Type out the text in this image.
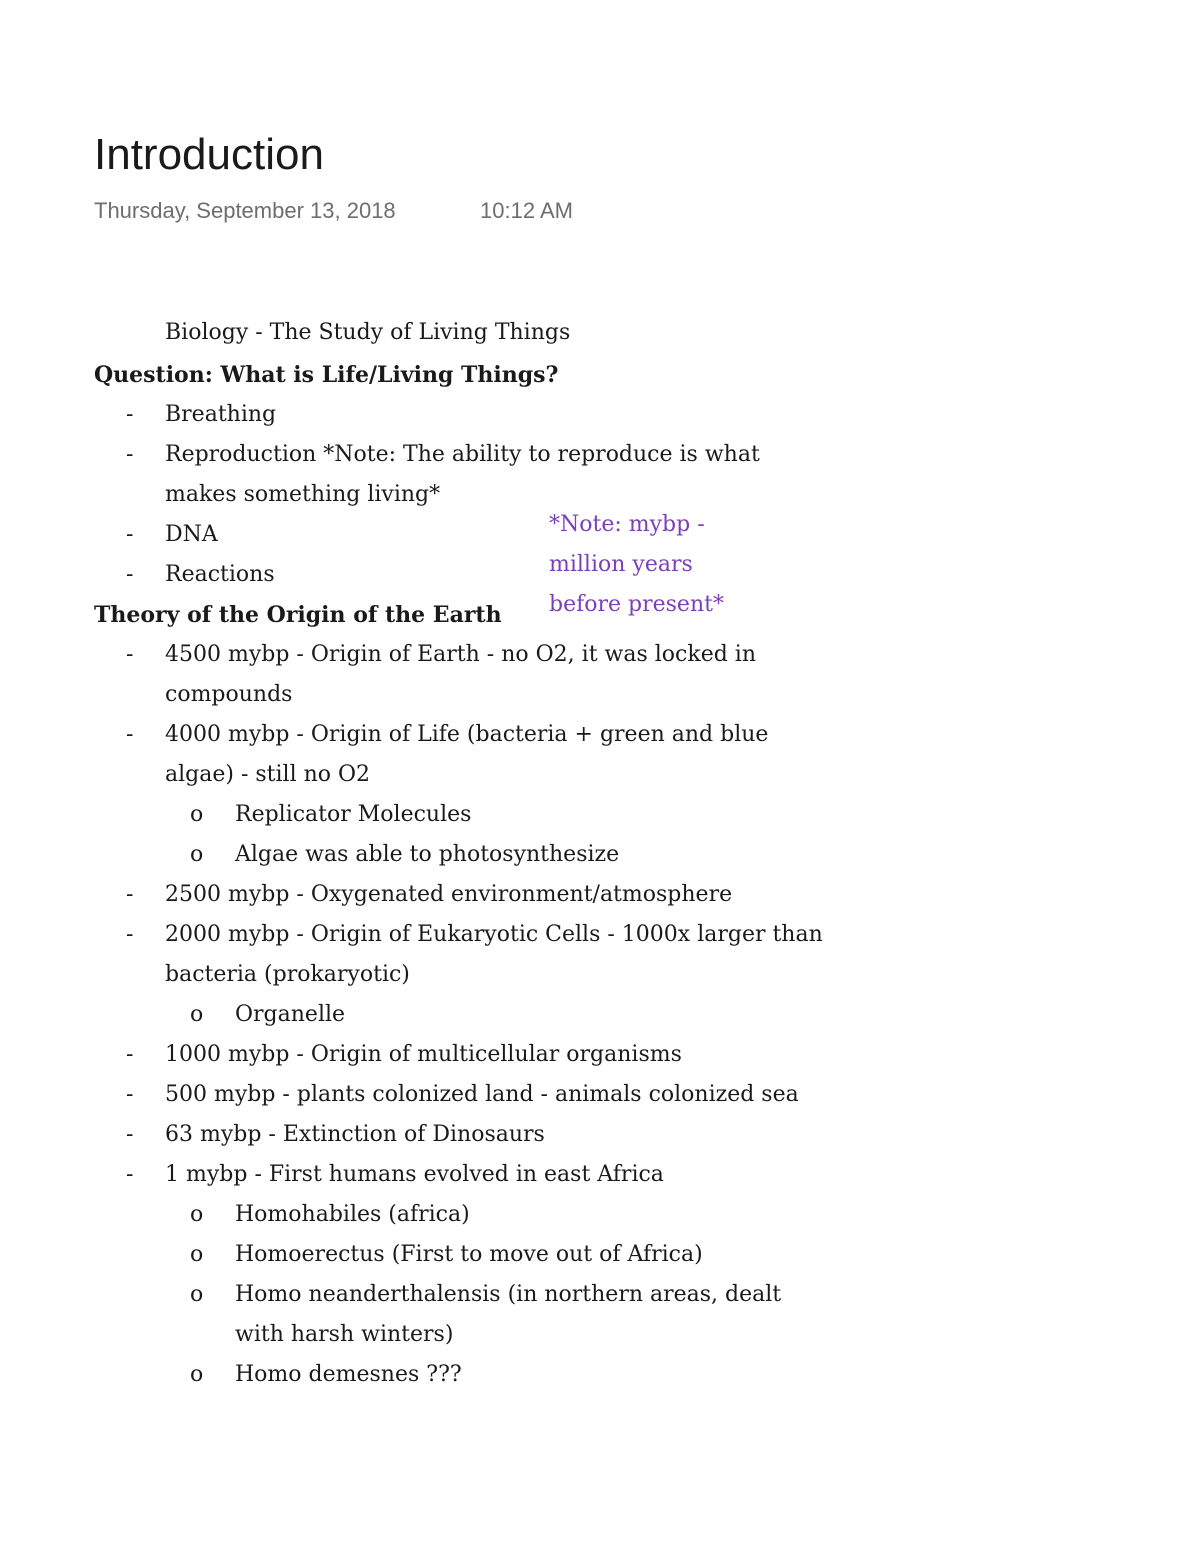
Introduction
Thursday, September 13, 2018	10:12 AM
Biology - The Study of Living Things
Question: What is Life/Living Things?
- Breathing
- Reproduction *Note: The ability to reproduce is what makes something living*
- DNA
- Reactions
Theory of the Origin of the Earth
- 4500 mybp - Origin of Earth - no O2, it was locked in compounds
- 4000 mybp - Origin of Life (bacteria + green and blue algae) - still no O2
o Replicator Molecules
o Algae was able to photosynthesize
- 2500 mybp - Oxygenated environment/atmosphere
- 2000 mybp - Origin of Eukaryotic Cells - 1000x larger than bacteria (prokaryotic)
o Organelle
- 1000 mybp - Origin of multicellular organisms
- 500 mybp - plants colonized land - animals colonized sea
- 63 mybp - Extinction of Dinosaurs
- 1 mybp - First humans evolved in east Africa
o Homohabiles (africa)
o Homoerectus (First to move out of Africa)
o Homo neanderthalensis (in northern areas, dealt with harsh winters)
o Homo demesnes ???
*Note: mybp - million years before present*
